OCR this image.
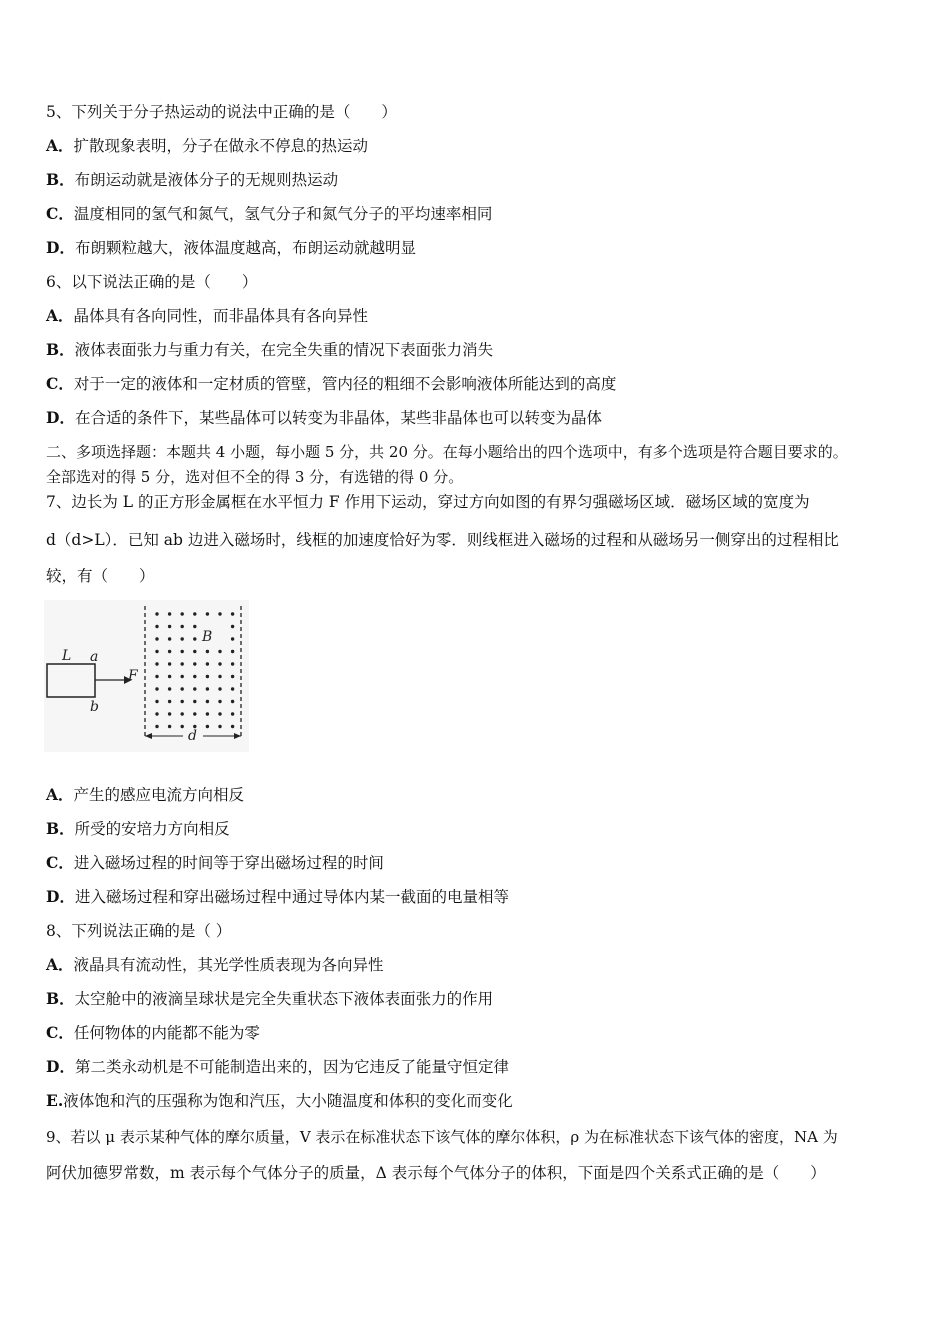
5、下列关于分子热运动的说法中正确的是（　　）
A．扩散现象表明，分子在做永不停息的热运动
B．布朗运动就是液体分子的无规则热运动
C．温度相同的氢气和氮气，氢气分子和氮气分子的平均速率相同
D．布朗颗粒越大，液体温度越高，布朗运动就越明显
6、以下说法正确的是（　　）
A．晶体具有各向同性，而非晶体具有各向异性
B．液体表面张力与重力有关，在完全失重的情况下表面张力消失
C．对于一定的液体和一定材质的管壁，管内径的粗细不会影响液体所能达到的高度
D．在合适的条件下，某些晶体可以转变为非晶体，某些非晶体也可以转变为晶体
二、多项选择题：本题共 4 小题，每小题 5 分，共 20 分。在每小题给出的四个选项中，有多个选项是符合题目要求的。
全部选对的得 5 分，选对但不全的得 3 分，有选错的得 0 分。
7、边长为 L 的正方形金属框在水平恒力 F 作用下运动，穿过方向如图的有界匀强磁场区域．磁场区域的宽度为
d（d>L）．已知 ab 边进入磁场时，线框的加速度恰好为零．则线框进入磁场的过程和从磁场另一侧穿出的过程相比
较，有（　　）
L a
b
F
B
d
A．产生的感应电流方向相反
B．所受的安培力方向相反
C．进入磁场过程的时间等于穿出磁场过程的时间
D．进入磁场过程和穿出磁场过程中通过导体内某一截面的电量相等
8、下列说法正确的是（ ）
A．液晶具有流动性，其光学性质表现为各向异性
B．太空舱中的液滴呈球状是完全失重状态下液体表面张力的作用
C．任何物体的内能都不能为零
D．第二类永动机是不可能制造出来的，因为它违反了能量守恒定律
E.液体饱和汽的压强称为饱和汽压，大小随温度和体积的变化而变化
9、若以 μ 表示某种气体的摩尔质量，V 表示在标准状态下该气体的摩尔体积，ρ 为在标准状态下该气体的密度，NA 为
阿伏加德罗常数，m 表示每个气体分子的质量，Δ 表示每个气体分子的体积，下面是四个关系式正确的是（　　）
